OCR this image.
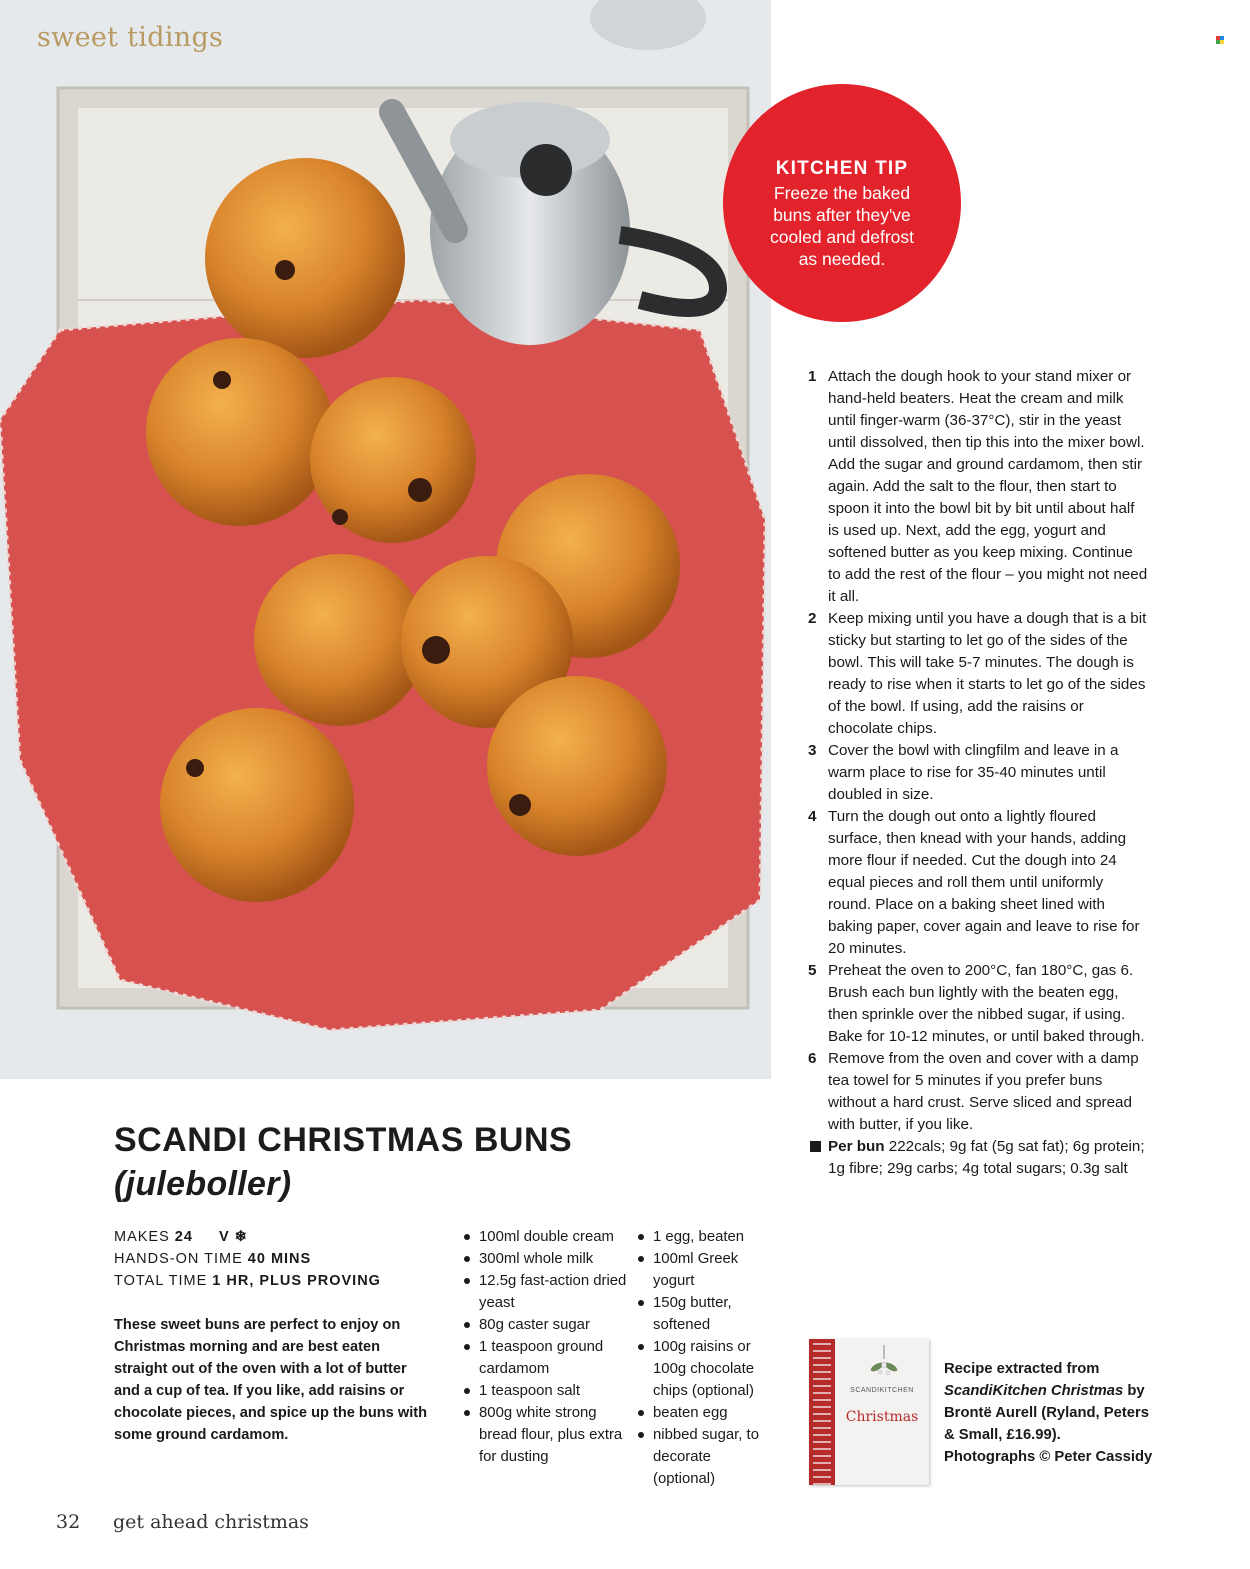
sweet tidings
KITCHEN TIP
Freeze the baked
buns after they've
cooled and defrost
as needed.
1 Attach the dough hook to your stand mixer or hand-held beaters. Heat the cream and milk until finger-warm (36-37°C), stir in the yeast until dissolved, then tip this into the mixer bowl. Add the sugar and ground cardamom, then stir again. Add the salt to the flour, then start to spoon it into the bowl bit by bit until about half is used up. Next, add the egg, yogurt and softened butter as you keep mixing. Continue to add the rest of the flour – you might not need it all.
2 Keep mixing until you have a dough that is a bit sticky but starting to let go of the sides of the bowl. This will take 5-7 minutes. The dough is ready to rise when it starts to let go of the sides of the bowl. If using, add the raisins or chocolate chips.
3 Cover the bowl with clingfilm and leave in a warm place to rise for 35-40 minutes until doubled in size.
4 Turn the dough out onto a lightly floured surface, then knead with your hands, adding more flour if needed. Cut the dough into 24 equal pieces and roll them until uniformly round. Place on a baking sheet lined with baking paper, cover again and leave to rise for 20 minutes.
5 Preheat the oven to 200°C, fan 180°C, gas 6. Brush each bun lightly with the beaten egg, then sprinkle over the nibbed sugar, if using. Bake for 10-12 minutes, or until baked through.
6 Remove from the oven and cover with a damp tea towel for 5 minutes if you prefer buns without a hard crust. Serve sliced and spread with butter, if you like.
Per bun 222cals; 9g fat (5g sat fat); 6g protein; 1g fibre; 29g carbs; 4g total sugars; 0.3g salt
SCANDI CHRISTMAS BUNS
(juleboller)
MAKES 24 V ❄
HANDS-ON TIME 40 MINS
TOTAL TIME 1 HR, PLUS PROVING
These sweet buns are perfect to enjoy on Christmas morning and are best eaten straight out of the oven with a lot of butter and a cup of tea. If you like, add raisins or chocolate pieces, and spice up the buns with some ground cardamom.
100ml double cream
300ml whole milk
12.5g fast-action dried yeast
80g caster sugar
1 teaspoon ground cardamom
1 teaspoon salt
800g white strong bread flour, plus extra for dusting
1 egg, beaten
100ml Greek yogurt
150g butter, softened
100g raisins or 100g chocolate chips (optional)
beaten egg
nibbed sugar, to decorate (optional)
SCANDIKITCHEN
Christmas
Recipe extracted from ScandiKitchen Christmas by Brontë Aurell (Ryland, Peters & Small, £16.99). Photographs © Peter Cassidy
32 get ahead christmas
